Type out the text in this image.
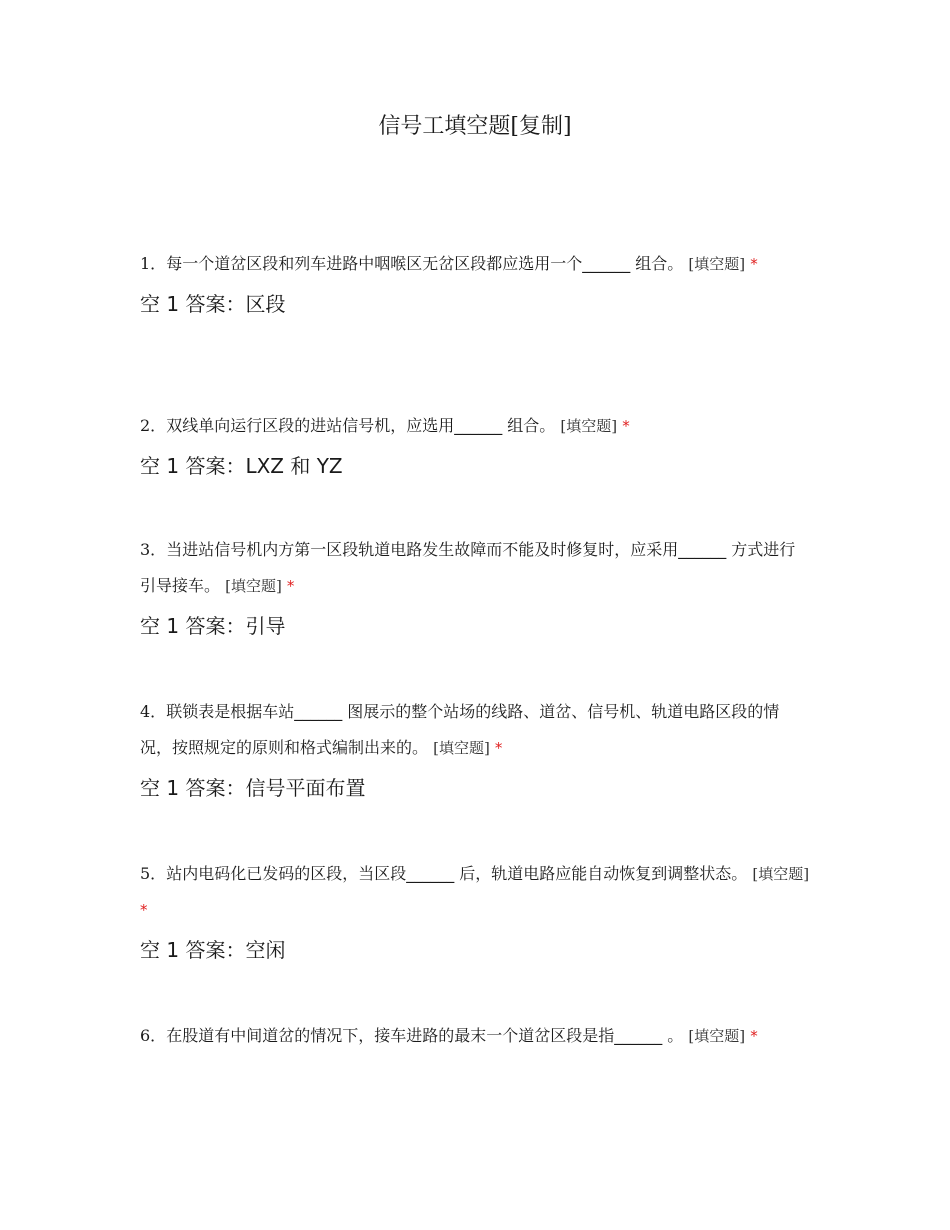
信号工填空题[复制]
1．每一个道岔区段和列车进路中咽喉区无岔区段都应选用一个______ 组合。 [填空题] *
空 1 答案：区段
2．双线单向运行区段的进站信号机，应选用______ 组合。 [填空题] *
空 1 答案：LXZ 和 YZ
3．当进站信号机内方第一区段轨道电路发生故障而不能及时修复时，应采用______ 方式进行引导接车。 [填空题] *
空 1 答案：引导
4．联锁表是根据车站______ 图展示的整个站场的线路、道岔、信号机、轨道电路区段的情况，按照规定的原则和格式编制出来的。 [填空题] *
空 1 答案：信号平面布置
5．站内电码化已发码的区段，当区段______ 后，轨道电路应能自动恢复到调整状态。 [填空题] *
空 1 答案：空闲
6．在股道有中间道岔的情况下，接车进路的最末一个道岔区段是指______ 。 [填空题] *
